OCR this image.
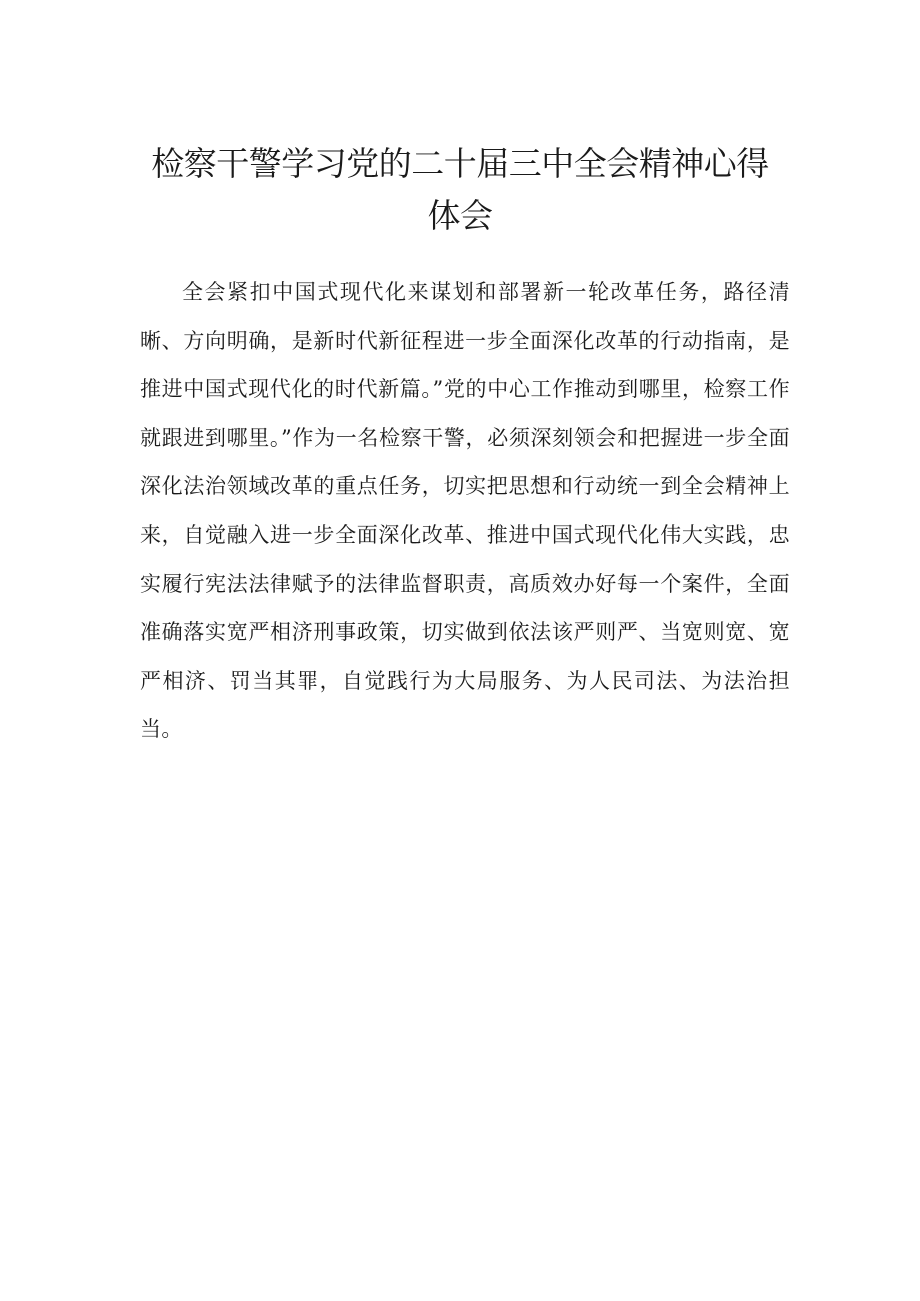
检察干警学习党的二十届三中全会精神心得体会

全会紧扣中国式现代化来谋划和部署新一轮改革任务，路径清晰、方向明确，是新时代新征程进一步全面深化改革的行动指南，是推进中国式现代化的时代新篇。”党的中心工作推动到哪里，检察工作就跟进到哪里。”作为一名检察干警，必须深刻领会和把握进一步全面深化法治领域改革的重点任务，切实把思想和行动统一到全会精神上来，自觉融入进一步全面深化改革、推进中国式现代化伟大实践，忠实履行宪法法律赋予的法律监督职责，高质效办好每一个案件，全面准确落实宽严相济刑事政策，切实做到依法该严则严、当宽则宽、宽严相济、罚当其罪，自觉践行为大局服务、为人民司法、为法治担当。
